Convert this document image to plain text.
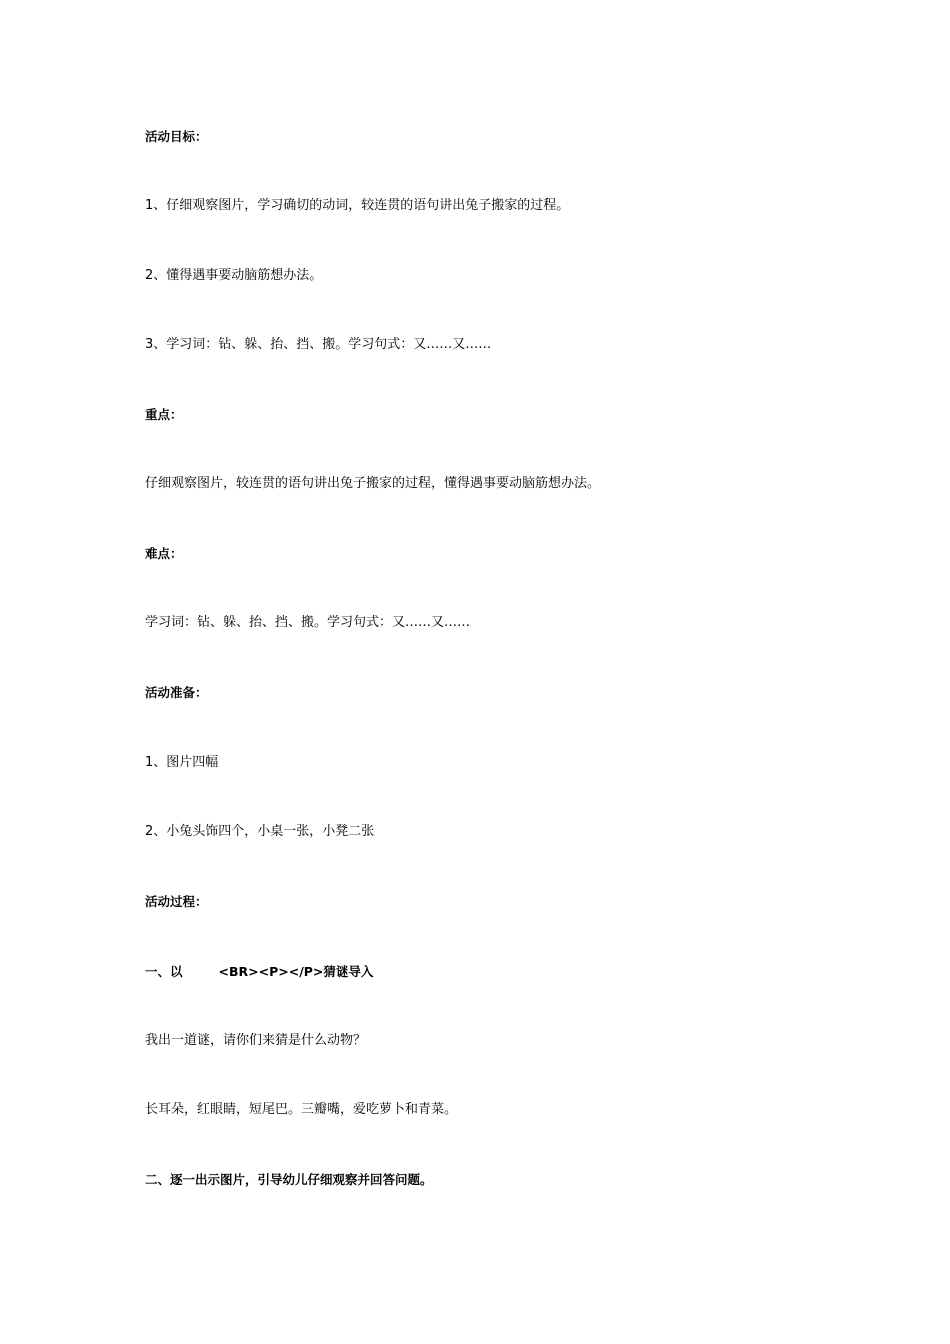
活动目标：
1、仔细观察图片，学习确切的动词，较连贯的语句讲出兔子搬家的过程。
2、懂得遇事要动脑筋想办法。
3、学习词：钻、躲、抬、挡、搬。学习句式：又……又……
重点：
仔细观察图片，较连贯的语句讲出兔子搬家的过程，懂得遇事要动脑筋想办法。
难点：
学习词：钻、躲、抬、挡、搬。学习句式：又……又……
活动准备：
1、图片四幅
2、小兔头饰四个，小桌一张，小凳二张
活动过程：
一、以	<BR><P></P>猜谜导入
我出一道谜，请你们来猜是什么动物？
长耳朵，红眼睛，短尾巴。三瓣嘴，爱吃萝卜和青菜。
二、逐一出示图片，引导幼儿仔细观察并回答问题。
